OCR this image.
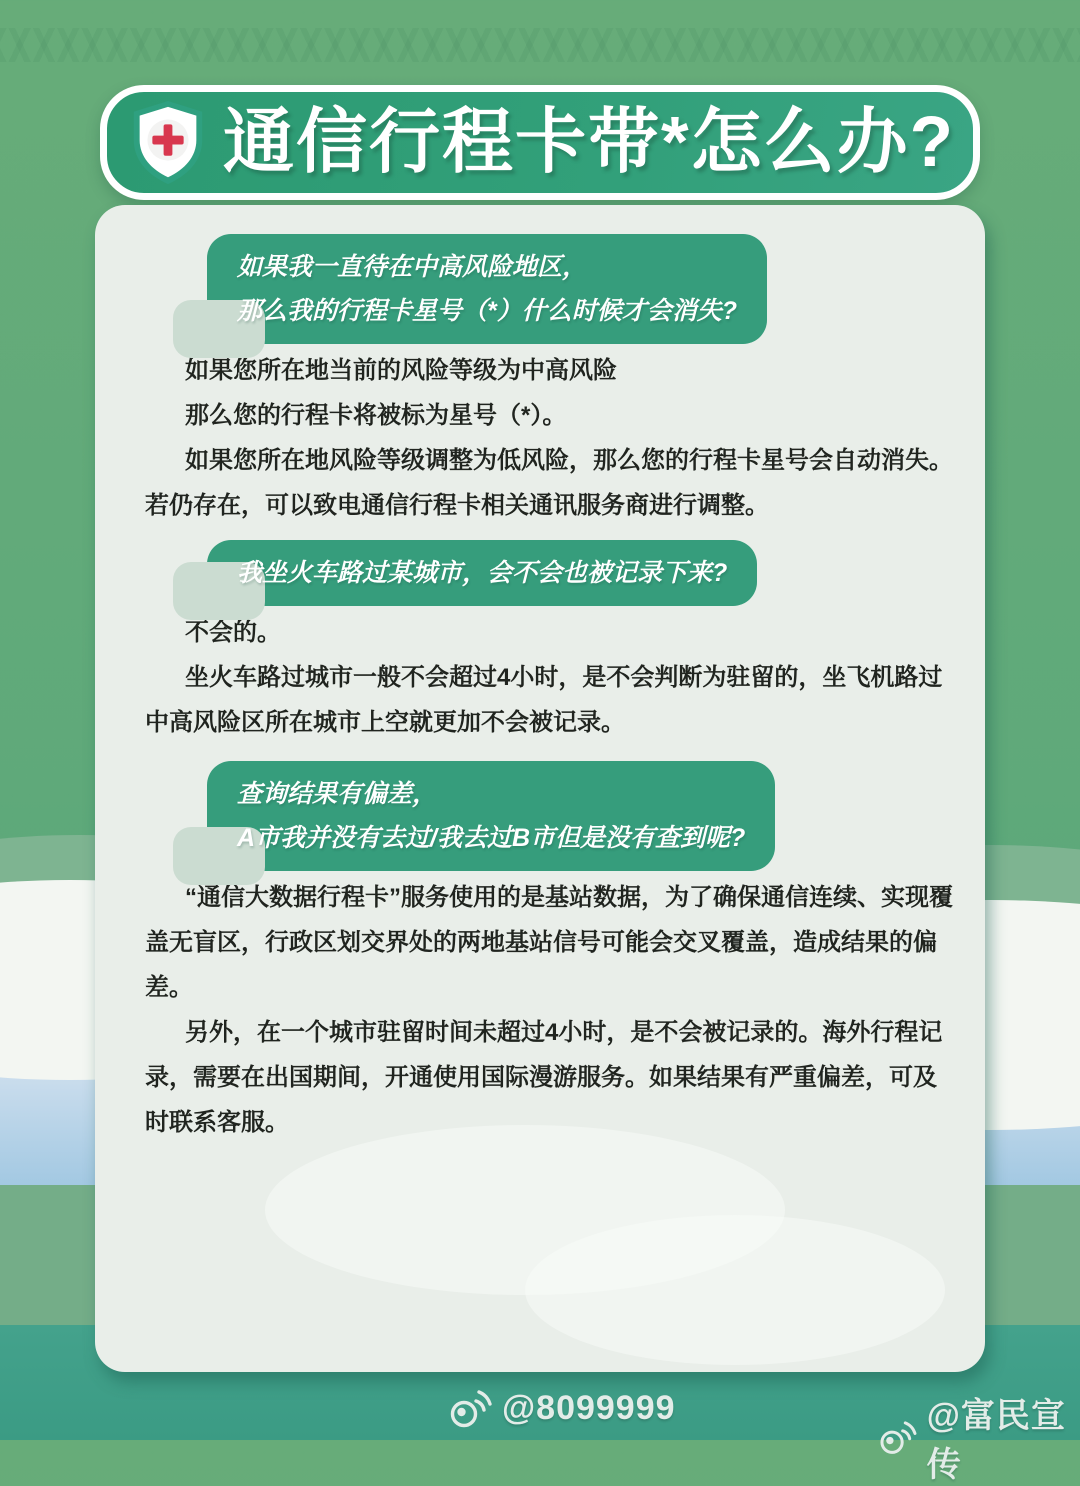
通信行程卡带*怎么办?

如果我一直待在中高风险地区，

那么我的行程卡星号（*）什么时候才会消失?

如果您所在地当前的风险等级为中高风险

那么您的行程卡将被标为星号（*）。

如果您所在地风险等级调整为低风险，那么您的行程卡星号会自动消失。若仍存在，可以致电通信行程卡相关通讯服务商进行调整。

我坐火车路过某城市，会不会也被记录下来?

不会的。

坐火车路过城市一般不会超过4小时，是不会判断为驻留的，坐飞机路过中高风险区所在城市上空就更加不会被记录。

查询结果有偏差，

A市我并没有去过/我去过B市但是没有查到呢?

“通信大数据行程卡”服务使用的是基站数据，为了确保通信连续、实现覆盖无盲区，行政区划交界处的两地基站信号可能会交叉覆盖，造成结果的偏差。

另外，在一个城市驻留时间未超过4小时，是不会被记录的。海外行程记录，需要在出国期间，开通使用国际漫游服务。如果结果有严重偏差，可及时联系客服。

@8099999	@富民宣传
